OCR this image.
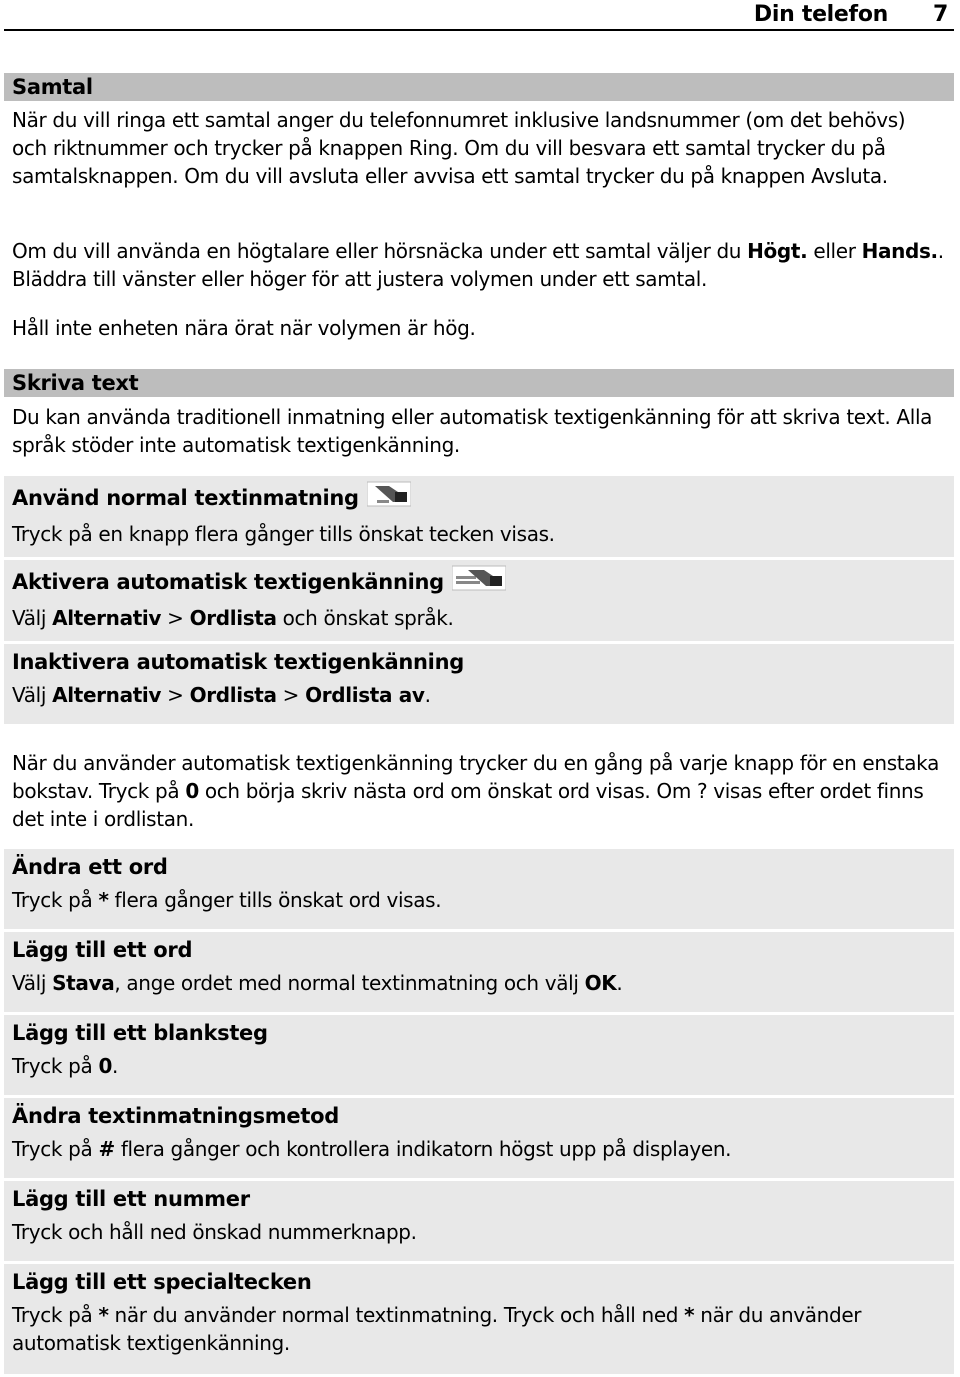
Din telefon	7
Samtal
När du vill ringa ett samtal anger du telefonnumret inklusive landsnummer (om det behövs) och riktnummer och trycker på knappen Ring. Om du vill besvara ett samtal trycker du på samtalsknappen. Om du vill avsluta eller avvisa ett samtal trycker du på knappen Avsluta.
Om du vill använda en högtalare eller hörsnäcka under ett samtal väljer du Högt. eller Hands.. Bläddra till vänster eller höger för att justera volymen under ett samtal.
Håll inte enheten nära örat när volymen är hög.
Skriva text
Du kan använda traditionell inmatning eller automatisk textigenkänning för att skriva text. Alla språk stöder inte automatisk textigenkänning.
Använd normal textinmatning
Tryck på en knapp flera gånger tills önskat tecken visas.
Aktivera automatisk textigenkänning
Välj Alternativ > Ordlista och önskat språk.
Inaktivera automatisk textigenkänning
Välj Alternativ > Ordlista > Ordlista av.
När du använder automatisk textigenkänning trycker du en gång på varje knapp för en enstaka bokstav. Tryck på 0 och börja skriv nästa ord om önskat ord visas. Om ? visas efter ordet finns det inte i ordlistan.
Ändra ett ord
Tryck på * flera gånger tills önskat ord visas.
Lägg till ett ord
Välj Stava, ange ordet med normal textinmatning och välj OK.
Lägg till ett blanksteg
Tryck på 0.
Ändra textinmatningsmetod
Tryck på # flera gånger och kontrollera indikatorn högst upp på displayen.
Lägg till ett nummer
Tryck och håll ned önskad nummerknapp.
Lägg till ett specialtecken
Tryck på * när du använder normal textinmatning. Tryck och håll ned * när du använder automatisk textigenkänning.
